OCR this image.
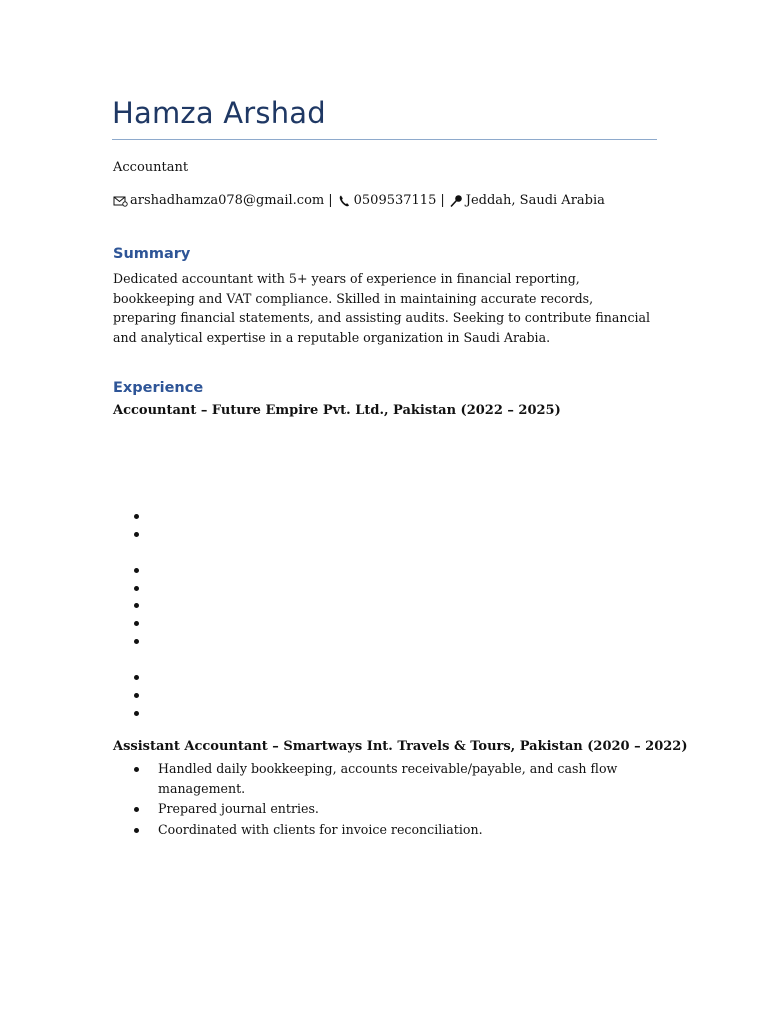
Hamza Arshad
Accountant
arshadhamza078@gmail.com | 0509537115 | Jeddah, Saudi Arabia
Summary
Dedicated accountant with 5+ years of experience in financial reporting, bookkeeping and VAT compliance. Skilled in maintaining accurate records, preparing financial statements, and assisting audits. Seeking to contribute financial and analytical expertise in a reputable organization in Saudi Arabia.
Experience
Accountant – Future Empire Pvt. Ltd., Pakistan (2022 – 2025)
Assistant Accountant – Smartways Int. Travels & Tours, Pakistan (2020 – 2022)
Handled daily bookkeeping, accounts receivable/payable, and cash flow management.
Prepared journal entries.
Coordinated with clients for invoice reconciliation.
